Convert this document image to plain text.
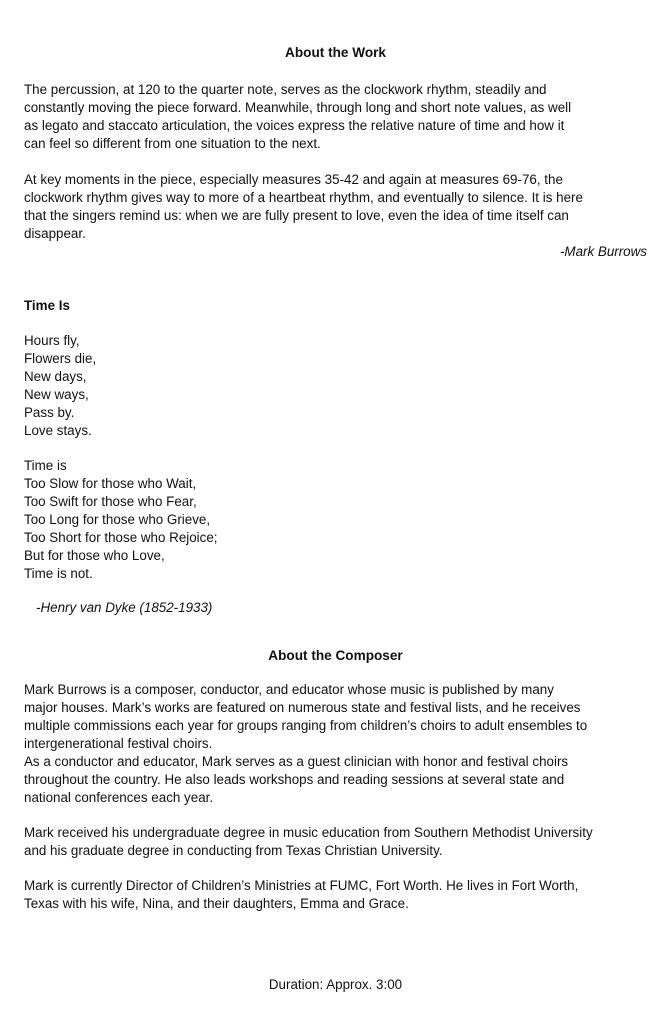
About the Work

The percussion, at 120 to the quarter note, serves as the clockwork rhythm, steadily and
constantly moving the piece forward. Meanwhile, through long and short note values, as well
as legato and staccato articulation, the voices express the relative nature of time and how it
can feel so different from one situation to the next.

At key moments in the piece, especially measures 35-42 and again at measures 69-76, the
clockwork rhythm gives way to more of a heartbeat rhythm, and eventually to silence. It is here
that the singers remind us: when we are fully present to love, even the idea of time itself can
disappear.

-Mark Burrows

Time Is

Hours fly,
Flowers die,
New days,
New ways,
Pass by.
Love stays.

Time is
Too Slow for those who Wait,
Too Swift for those who Fear,
Too Long for those who Grieve,
Too Short for those who Rejoice;
But for those who Love,
Time is not.

-Henry van Dyke (1852-1933)

About the Composer

Mark Burrows is a composer, conductor, and educator whose music is published by many
major houses. Mark’s works are featured on numerous state and festival lists, and he receives
multiple commissions each year for groups ranging from children’s choirs to adult ensembles to
intergenerational festival choirs.

As a conductor and educator, Mark serves as a guest clinician with honor and festival choirs
throughout the country. He also leads workshops and reading sessions at several state and
national conferences each year.

Mark received his undergraduate degree in music education from Southern Methodist University
and his graduate degree in conducting from Texas Christian University.

Mark is currently Director of Children’s Ministries at FUMC, Fort Worth. He lives in Fort Worth,
Texas with his wife, Nina, and their daughters, Emma and Grace.

Duration: Approx. 3:00
